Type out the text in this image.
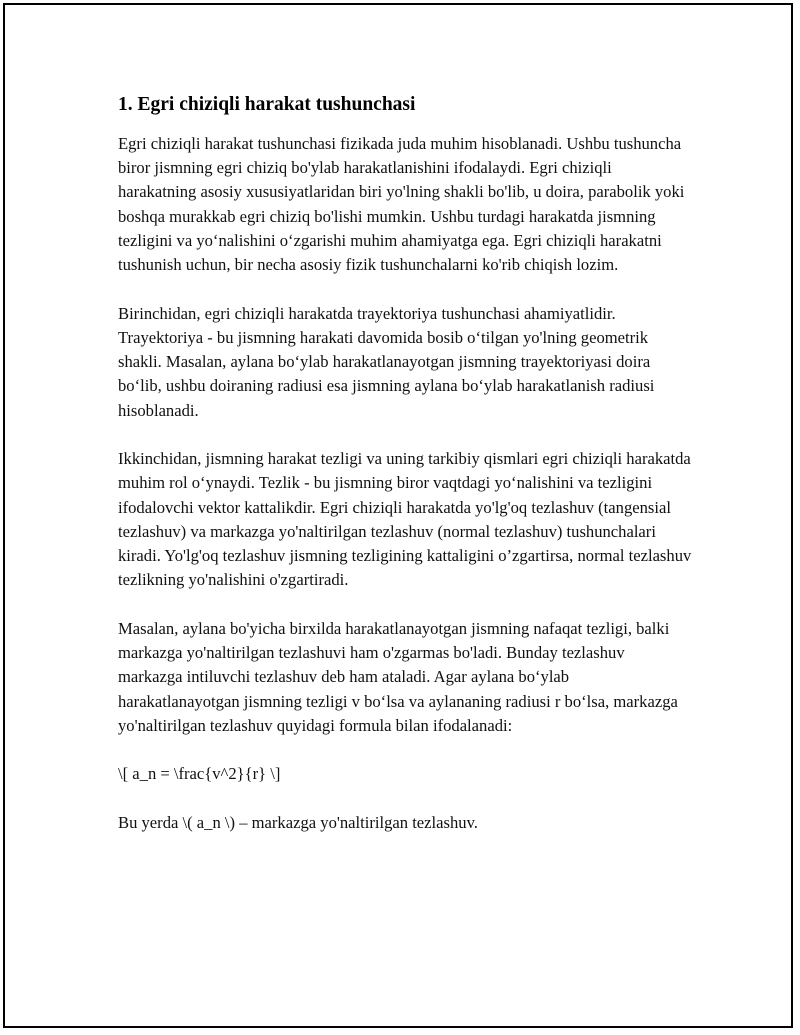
1. Egri chiziqli harakat tushunchasi

Egri chiziqli harakat tushunchasi fizikada juda muhim hisoblanadi. Ushbu tushuncha biror jismning egri chiziq bo'ylab harakatlanishini ifodalaydi. Egri chiziqli harakatning asosiy xususiyatlaridan biri yo'lning shakli bo'lib, u doira, parabolik yoki boshqa murakkab egri chiziq bo'lishi mumkin. Ushbu turdagi harakatda jismning tezligini va yo‘nalishini o‘zgarishi muhim ahamiyatga ega. Egri chiziqli harakatni tushunish uchun, bir necha asosiy fizik tushunchalarni ko'rib chiqish lozim.

Birinchidan, egri chiziqli harakatda trayektoriya tushunchasi ahamiyatlidir. Trayektoriya - bu jismning harakati davomida bosib o‘tilgan yo'lning geometrik shakli. Masalan, aylana bo‘ylab harakatlanayotgan jismning trayektoriyasi doira bo‘lib, ushbu doiraning radiusi esa jismning aylana bo‘ylab harakatlanish radiusi hisoblanadi.

Ikkinchidan, jismning harakat tezligi va uning tarkibiy qismlari egri chiziqli harakatda muhim rol o‘ynaydi. Tezlik - bu jismning biror vaqtdagi yo‘nalishini va tezligini ifodalovchi vektor kattalikdir. Egri chiziqli harakatda yo'lg'oq tezlashuv (tangensial tezlashuv) va markazga yo'naltirilgan tezlashuv (normal tezlashuv) tushunchalari kiradi. Yo'lg'oq tezlashuv jismning tezligining kattaligini o’zgartirsa, normal tezlashuv tezlikning yo'nalishini o'zgartiradi.

Masalan, aylana bo'yicha birxilda harakatlanayotgan jismning nafaqat tezligi, balki markazga yo'naltirilgan tezlashuvi ham o'zgarmas bo'ladi. Bunday tezlashuv markazga intiluvchi tezlashuv deb ham ataladi. Agar aylana bo‘ylab harakatlanayotgan jismning tezligi v bo‘lsa va aylananing radiusi r bo‘lsa, markazga yo'naltirilgan tezlashuv quyidagi formula bilan ifodalanadi:

\[ a_n = \frac{v^2}{r} \]

Bu yerda \( a_n \) – markazga yo'naltirilgan tezlashuv.
